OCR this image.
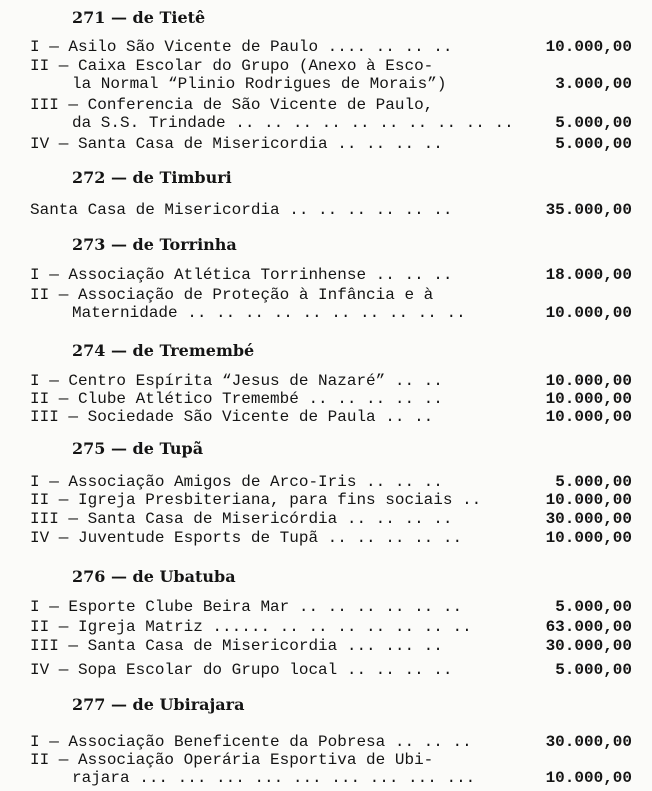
271 — de Tietê
I — Asilo São Vicente de Paulo .... .. .. ..	10.000,00
II — Caixa Escolar do Grupo (Anexo à Esco-
la Normal “Plinio Rodrigues de Morais”)	3.000,00
III — Conferencia de São Vicente de Paulo,
da S.S. Trindade .. .. .. .. .. .. .. .. .. ..	5.000,00
IV — Santa Casa de Misericordia .. .. .. ..	5.000,00
272 — de Timburi
Santa Casa de Misericordia .. .. .. .. .. ..	35.000,00
273 — de Torrinha
I — Associação Atlética Torrinhense .. .. ..	18.000,00
II — Associação de Proteção à Infância e à
Maternidade .. .. .. .. .. .. .. .. .. ..	10.000,00
274 — de Tremembé
I — Centro Espírita “Jesus de Nazaré” .. ..	10.000,00
II — Clube Atlético Tremembé .. .. .. .. ..	10.000,00
III — Sociedade São Vicente de Paula .. ..	10.000,00
275 — de Tupã
I — Associação Amigos de Arco-Iris .. .. ..	5.000,00
II — Igreja Presbiteriana, para fins sociais ..	10.000,00
III — Santa Casa de Misericórdia .. .. .. ..	30.000,00
IV — Juventude Esports de Tupã .. .. .. .. ..	10.000,00
276 — de Ubatuba
I — Esporte Clube Beira Mar .. .. .. .. .. ..	5.000,00
II — Igreja Matriz ...... .. .. .. .. .. .. ..	63.000,00
III — Santa Casa de Misericordia ... ... ..	30.000,00
IV — Sopa Escolar do Grupo local .. .. .. ..	5.000,00
277 — de Ubirajara
I — Associação Beneficente da Pobresa .. .. ..	30.000,00
II — Associação Operária Esportiva de Ubi-
rajara ... ... ... ... ... ... ... ... ...	10.000,00
